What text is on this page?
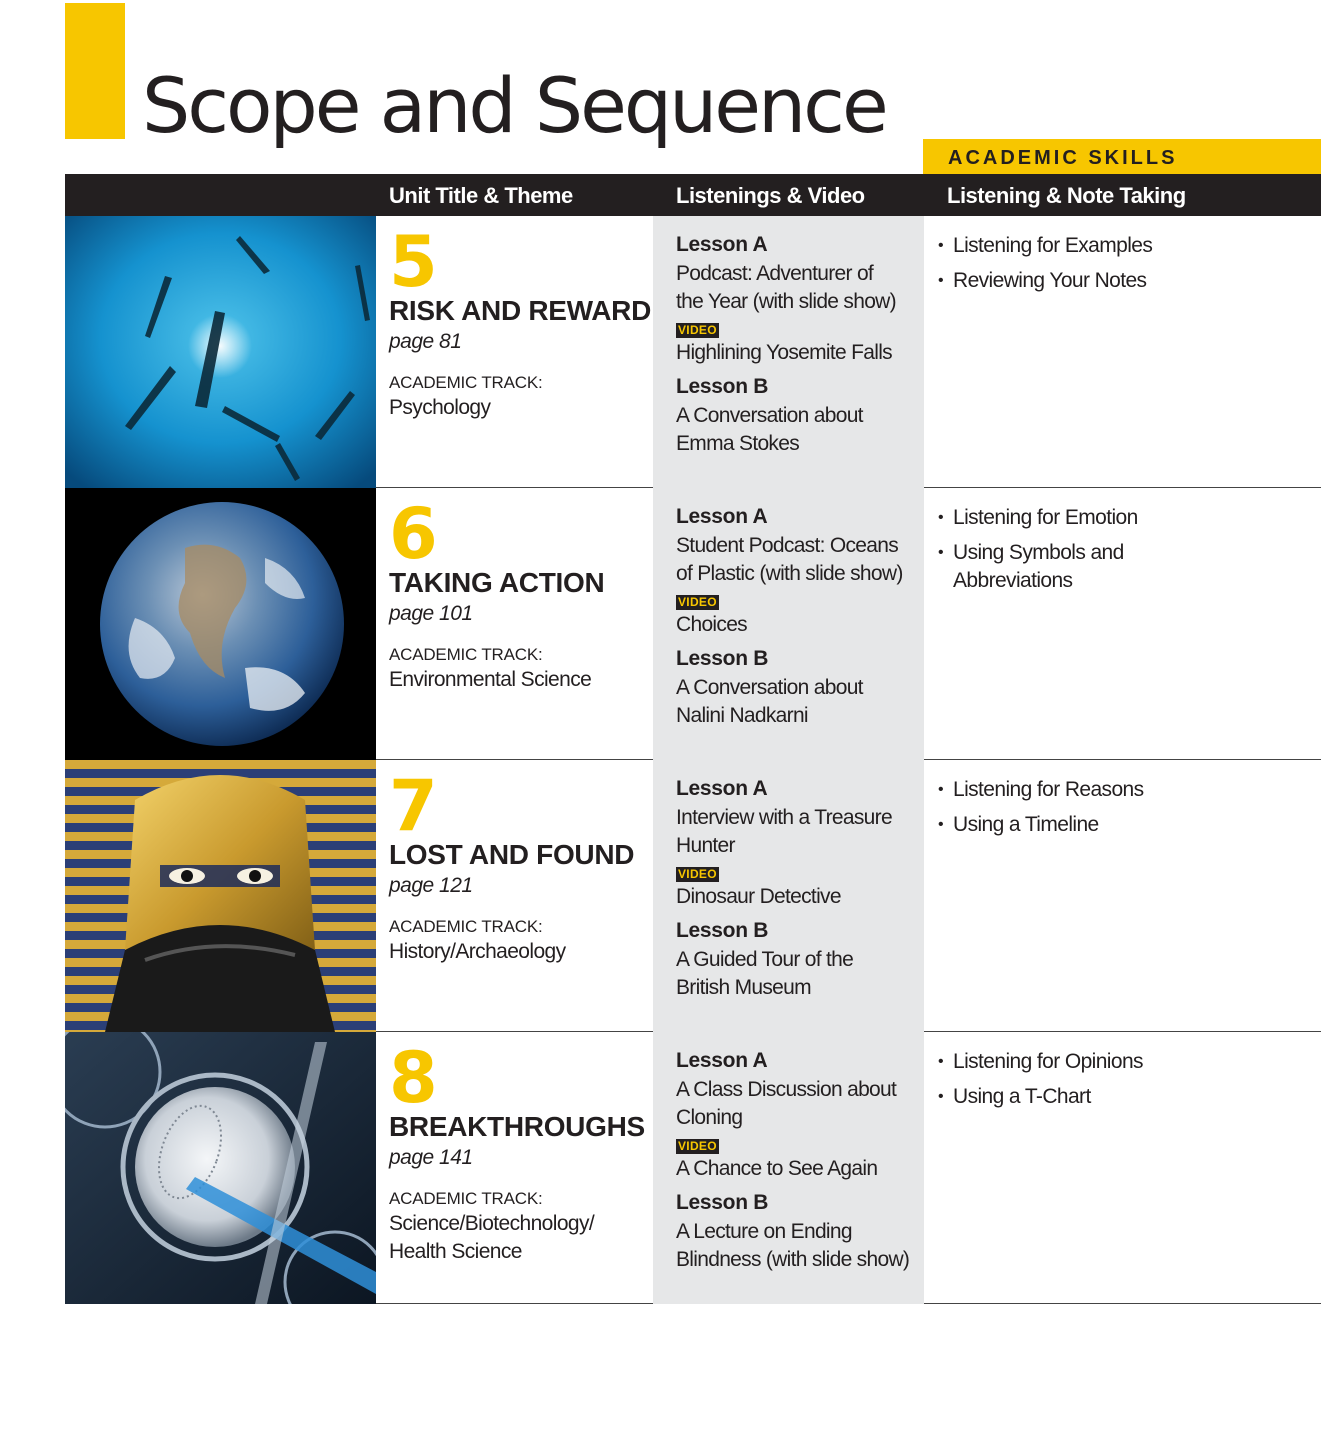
Scope and Sequence
ACADEMIC SKILLS
Unit Title & Theme	Listenings & Video	Listening & Note Taking
5
RISK AND REWARD
page 81
ACADEMIC TRACK:
Psychology
Lesson A
Podcast: Adventurer of
the Year (with slide show)
VIDEO
Highlining Yosemite Falls
Lesson B
A Conversation about
Emma Stokes
• Listening for Examples
• Reviewing Your Notes
6
TAKING ACTION
page 101
ACADEMIC TRACK:
Environmental Science
Lesson A
Student Podcast: Oceans
of Plastic (with slide show)
VIDEO
Choices
Lesson B
A Conversation about
Nalini Nadkarni
• Listening for Emotion
• Using Symbols and
Abbreviations
7
LOST AND FOUND
page 121
ACADEMIC TRACK:
History/Archaeology
Lesson A
Interview with a Treasure
Hunter
VIDEO
Dinosaur Detective
Lesson B
A Guided Tour of the
British Museum
• Listening for Reasons
• Using a Timeline
8
BREAKTHROUGHS
page 141
ACADEMIC TRACK:
Science/Biotechnology/
Health Science
Lesson A
A Class Discussion about
Cloning
VIDEO
A Chance to See Again
Lesson B
A Lecture on Ending
Blindness (with slide show)
• Listening for Opinions
• Using a T-Chart
